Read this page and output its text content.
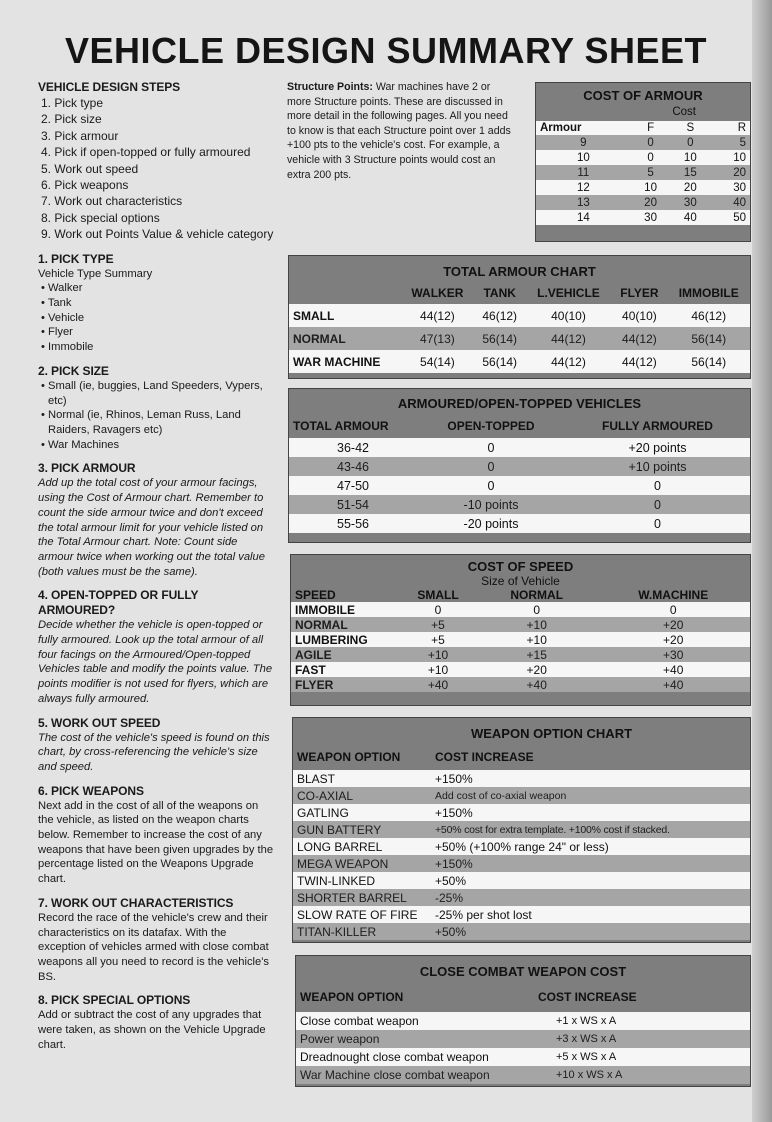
VEHICLE DESIGN SUMMARY SHEET
VEHICLE DESIGN STEPS
1. Pick type
2. Pick size
3. Pick armour
4. Pick if open-topped or fully armoured
5. Work out speed
6. Pick weapons
7. Work out characteristics
8. Pick special options
9. Work out Points Value & vehicle category
1. PICK TYPE

Vehicle Type Summary

• Walker
• Tank
• Vehicle
• Flyer
• Immobile
2. PICK SIZE
• Small (ie, buggies, Land Speeders, Vypers, etc)
• Normal (ie, Rhinos, Leman Russ, Land Raiders, Ravagers etc)
• War Machines
3. PICK ARMOUR

Add up the total cost of your armour facings, using the Cost of Armour chart. Remember to count the side armour twice and don't exceed the total armour limit for your vehicle listed on the Total Armour chart. Note: Count side armour twice when working out the total value (both values must be the same).

4. OPEN-TOPPED OR FULLY ARMOURED?

Decide whether the vehicle is open-topped or fully armoured. Look up the total armour of all four facings on the Armoured/Open-topped Vehicles table and modify the points value. The points modifier is not used for flyers, which are always fully armoured.

5. WORK OUT SPEED

The cost of the vehicle's speed is found on this chart, by cross-referencing the vehicle's size and speed.

6. PICK WEAPONS

Next add in the cost of all of the weapons on the vehicle, as listed on the weapon charts below. Remember to increase the cost of any weapons that have been given upgrades by the percentage listed on the Weapons Upgrade chart.

7. WORK OUT CHARACTERISTICS

Record the race of the vehicle's crew and their characteristics on its datafax. With the exception of vehicles armed with close combat weapons all you need to record is the vehicle's BS.

8. PICK SPECIAL OPTIONS

Add or subtract the cost of any upgrades that were taken, as shown on the Vehicle Upgrade chart.

Structure Points: War machines have 2 or more Structure points. These are discussed in more detail in the following pages. All you need to know is that each Structure point over 1 adds +100 pts to the vehicle's cost. For example, a vehicle with 3 Structure points would cost an extra 200 pts.
COST OF ARMOUR
Cost
Armour	F	S	R
9	0	0	5
10	0	10	10
11	5	15	20
12	10	20	30
13	20	30	40
14	30	40	50
TOTAL ARMOUR CHART
	WALKER	TANK	L.VEHICLE	FLYER	IMMOBILE
SMALL	44(12)	46(12)	40(10)	40(10)	46(12)
NORMAL	47(13)	56(14)	44(12)	44(12)	56(14)
WAR MACHINE	54(14)	56(14)	44(12)	44(12)	56(14)
ARMOURED/OPEN-TOPPED VEHICLES
TOTAL ARMOUR	OPEN-TOPPED	FULLY ARMOURED
36-42	0	+20 points
43-46	0	+10 points
47-50	0	0
51-54	-10 points	0
55-56	-20 points	0
COST OF SPEED
Size of Vehicle
SPEED	SMALL	NORMAL	W.MACHINE
IMMOBILE	0	0	0
NORMAL	+5	+10	+20
LUMBERING	+5	+10	+20
AGILE	+10	+15	+30
FAST	+10	+20	+40
FLYER	+40	+40	+40
WEAPON OPTION CHART
WEAPON OPTION	COST INCREASE
BLAST	+150%
CO-AXIAL	Add cost of co-axial weapon
GATLING	+150%
GUN BATTERY	+50% cost for extra template. +100% cost if stacked.
LONG BARREL	+50% (+100% range 24" or less)
MEGA WEAPON	+150%
TWIN-LINKED	+50%
SHORTER BARREL	-25%
SLOW RATE OF FIRE	-25% per shot lost
TITAN-KILLER	+50%
CLOSE COMBAT WEAPON COST
WEAPON OPTION	COST INCREASE
Close combat weapon	+1 x WS x A
Power weapon	+3 x WS x A
Dreadnought close combat weapon	+5 x WS x A
War Machine close combat weapon	+10 x WS x A
